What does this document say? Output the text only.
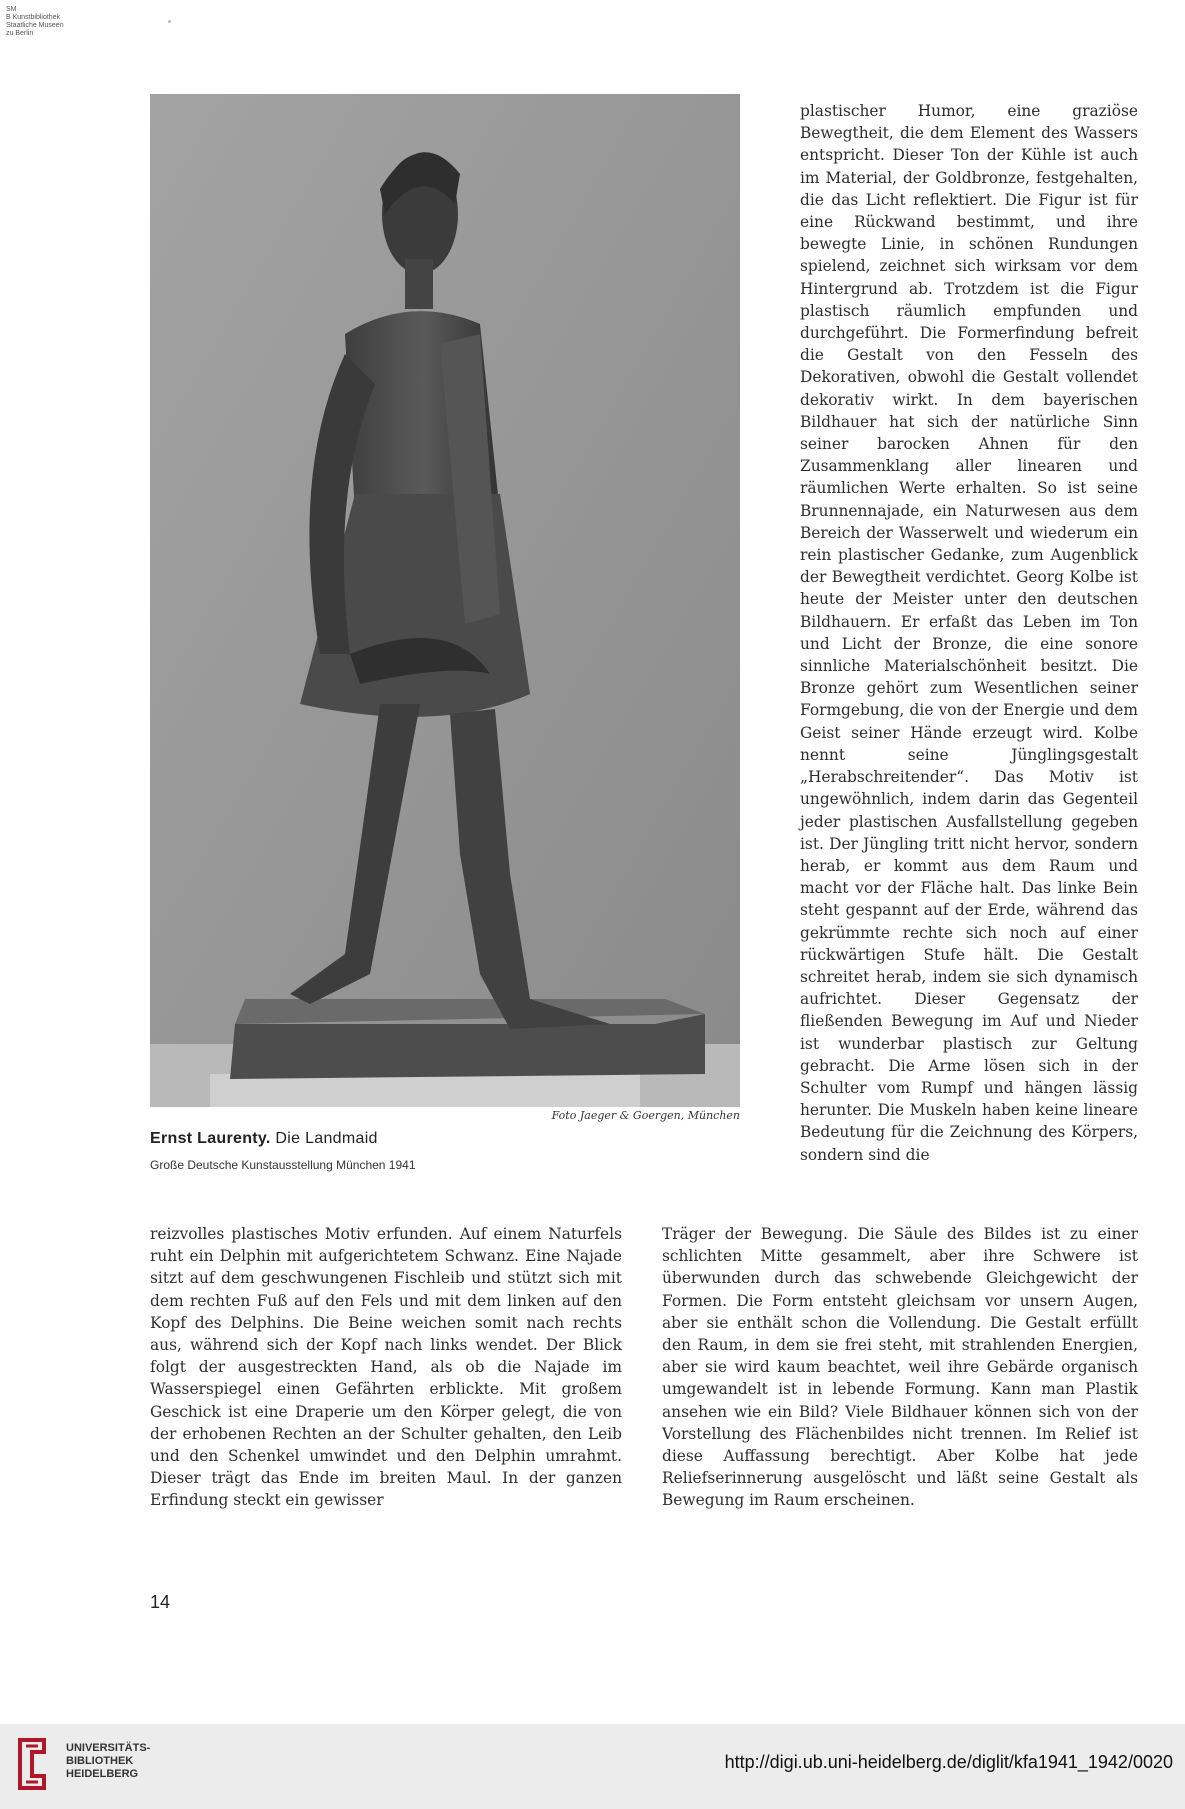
SM
B Kunstbibliothek
Staatliche Museen
zu Berlin
Foto Jaeger & Goergen, München
Ernst Laurenty. Die Landmaid
Große Deutsche Kunstausstellung München 1941
plastischer Humor, eine graziöse Bewegtheit, die dem Element des Wassers entspricht. Dieser Ton der Kühle ist auch im Material, der Goldbronze, festgehalten, die das Licht reflektiert. Die Figur ist für eine Rückwand bestimmt, und ihre bewegte Linie, in schönen Rundungen spielend, zeichnet sich wirksam vor dem Hintergrund ab. Trotzdem ist die Figur plastisch räumlich empfunden und durchgeführt. Die Formerfindung befreit die Gestalt von den Fesseln des Dekorativen, obwohl die Gestalt vollendet dekorativ wirkt. In dem bayerischen Bildhauer hat sich der natürliche Sinn seiner barocken Ahnen für den Zusammenklang aller linearen und räumlichen Werte erhalten. So ist seine Brunnennajade, ein Naturwesen aus dem Bereich der Wasserwelt und wiederum ein rein plastischer Gedanke, zum Augenblick der Bewegtheit verdichtet. Georg Kolbe ist heute der Meister unter den deutschen Bildhauern. Er erfaßt das Leben im Ton und Licht der Bronze, die eine sonore sinnliche Materialschönheit besitzt. Die Bronze gehört zum Wesentlichen seiner Formgebung, die von der Energie und dem Geist seiner Hände erzeugt wird. Kolbe nennt seine Jünglingsgestalt „Herabschreitender“. Das Motiv ist ungewöhnlich, indem darin das Gegenteil jeder plastischen Ausfallstellung gegeben ist. Der Jüngling tritt nicht hervor, sondern herab, er kommt aus dem Raum und macht vor der Fläche halt. Das linke Bein steht gespannt auf der Erde, während das gekrümmte rechte sich noch auf einer rückwärtigen Stufe hält. Die Gestalt schreitet herab, indem sie sich dynamisch aufrichtet. Dieser Gegensatz der fließenden Bewegung im Auf und Nieder ist wunderbar plastisch zur Geltung gebracht. Die Arme lösen sich in der Schulter vom Rumpf und hängen lässig herunter. Die Muskeln haben keine lineare Bedeutung für die Zeichnung des Körpers, sondern sind die
reizvolles plastisches Motiv erfunden. Auf einem Naturfels ruht ein Delphin mit aufgerichtetem Schwanz. Eine Najade sitzt auf dem geschwungenen Fischleib und stützt sich mit dem rechten Fuß auf den Fels und mit dem linken auf den Kopf des Delphins. Die Beine weichen somit nach rechts aus, während sich der Kopf nach links wendet. Der Blick folgt der ausgestreckten Hand, als ob die Najade im Wasserspiegel einen Gefährten erblickte. Mit großem Geschick ist eine Draperie um den Körper gelegt, die von der erhobenen Rechten an der Schulter gehalten, den Leib und den Schenkel umwindet und den Delphin umrahmt. Dieser trägt das Ende im breiten Maul. In der ganzen Erfindung steckt ein gewisser
Träger der Bewegung. Die Säule des Bildes ist zu einer schlichten Mitte gesammelt, aber ihre Schwere ist überwunden durch das schwebende Gleichgewicht der Formen. Die Form entsteht gleichsam vor unsern Augen, aber sie enthält schon die Vollendung. Die Gestalt erfüllt den Raum, in dem sie frei steht, mit strahlenden Energien, aber sie wird kaum beachtet, weil ihre Gebärde organisch umgewandelt ist in lebende Formung. Kann man Plastik ansehen wie ein Bild? Viele Bildhauer können sich von der Vorstellung des Flächenbildes nicht trennen. Im Relief ist diese Auffassung berechtigt. Aber Kolbe hat jede Reliefserinnerung ausgelöscht und läßt seine Gestalt als Bewegung im Raum erscheinen.
14
UNIVERSITÄTS-
BIBLIOTHEK
HEIDELBERG
http://digi.ub.uni-heidelberg.de/diglit/kfa1941_1942/0020
